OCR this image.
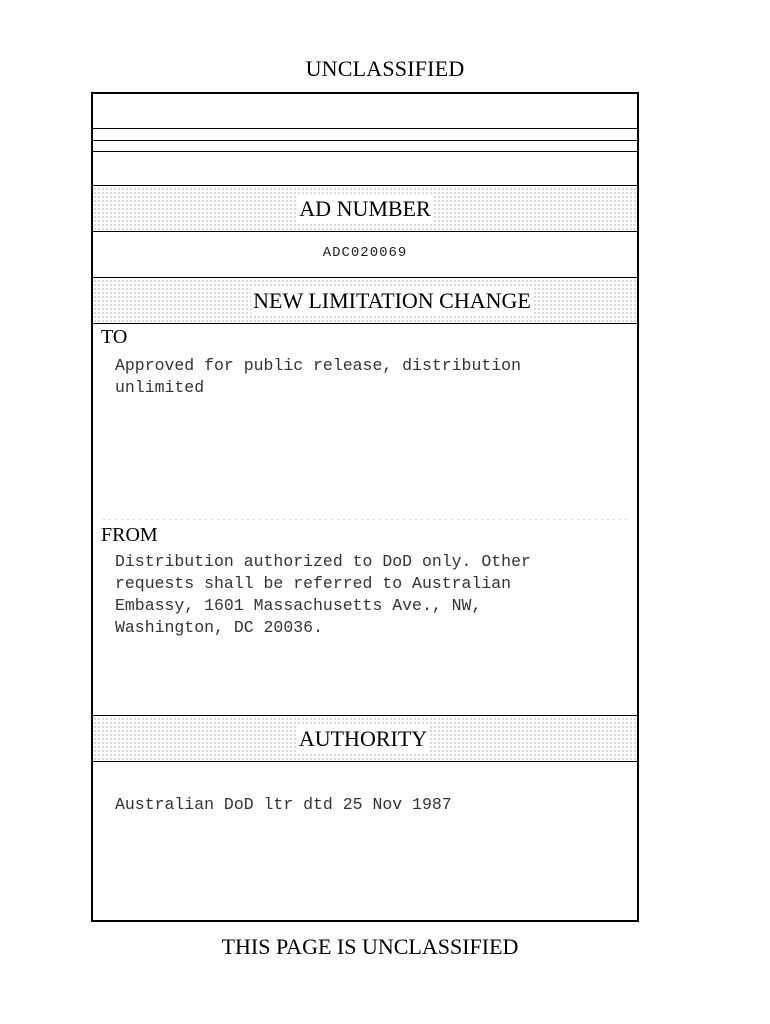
UNCLASSIFIED
AD NUMBER
ADC020069
NEW LIMITATION CHANGE
TO
Approved for public release, distribution
unlimited
FROM
Distribution authorized to DoD only. Other
requests shall be referred to Australian
Embassy, 1601 Massachusetts Ave., NW,
Washington, DC 20036.
AUTHORITY
Australian DoD ltr dtd 25 Nov 1987
THIS PAGE IS UNCLASSIFIED
